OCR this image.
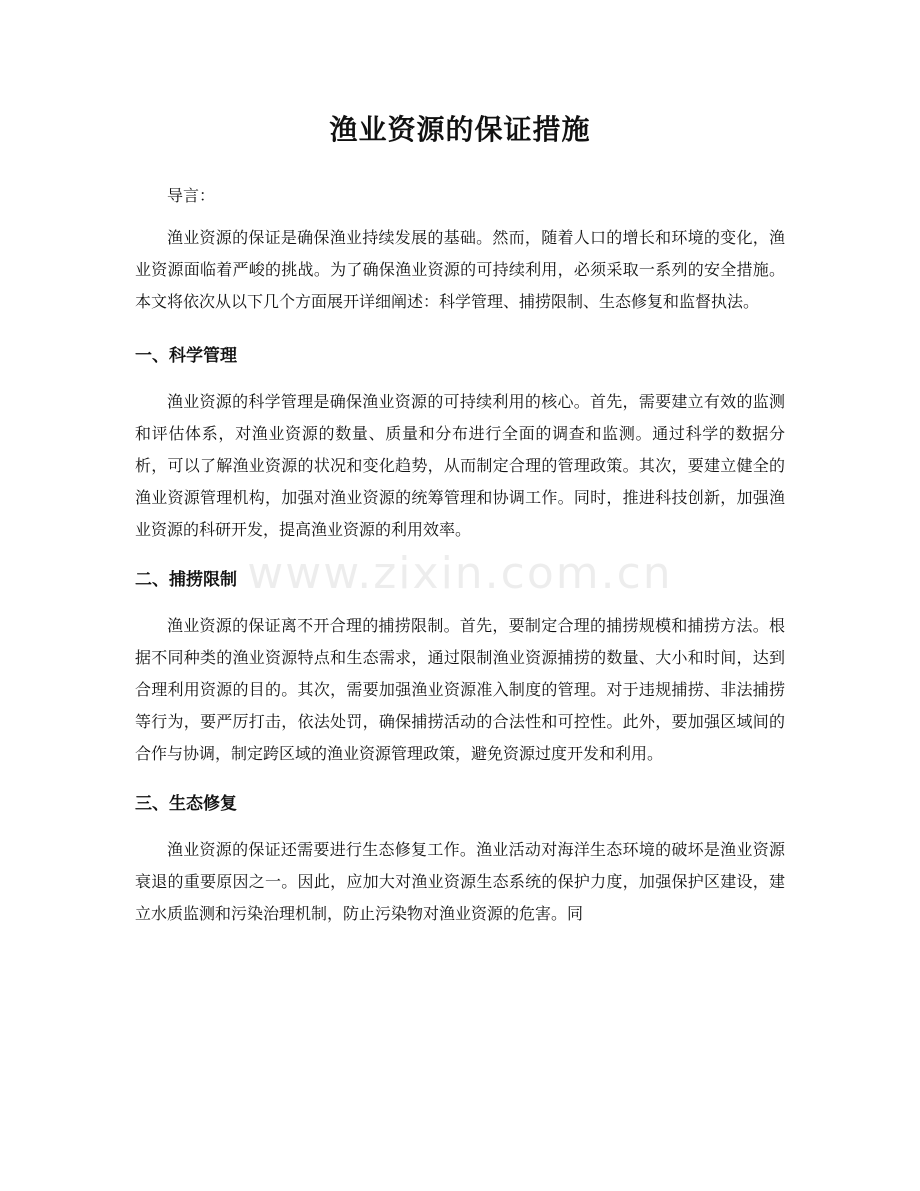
渔业资源的保证措施

导言：

渔业资源的保证是确保渔业持续发展的基础。然而，随着人口的增长和环境的变化，渔业资源面临着严峻的挑战。为了确保渔业资源的可持续利用，必须采取一系列的安全措施。本文将依次从以下几个方面展开详细阐述：科学管理、捕捞限制、生态修复和监督执法。

一、科学管理

渔业资源的科学管理是确保渔业资源的可持续利用的核心。首先，需要建立有效的监测和评估体系，对渔业资源的数量、质量和分布进行全面的调查和监测。通过科学的数据分析，可以了解渔业资源的状况和变化趋势，从而制定合理的管理政策。其次，要建立健全的渔业资源管理机构，加强对渔业资源的统筹管理和协调工作。同时，推进科技创新，加强渔业资源的科研开发，提高渔业资源的利用效率。

二、捕捞限制

渔业资源的保证离不开合理的捕捞限制。首先，要制定合理的捕捞规模和捕捞方法。根据不同种类的渔业资源特点和生态需求，通过限制渔业资源捕捞的数量、大小和时间，达到合理利用资源的目的。其次，需要加强渔业资源准入制度的管理。对于违规捕捞、非法捕捞等行为，要严厉打击，依法处罚，确保捕捞活动的合法性和可控性。此外，要加强区域间的合作与协调，制定跨区域的渔业资源管理政策，避免资源过度开发和利用。

三、生态修复

渔业资源的保证还需要进行生态修复工作。渔业活动对海洋生态环境的破坏是渔业资源衰退的重要原因之一。因此，应加大对渔业资源生态系统的保护力度，加强保护区建设，建立水质监测和污染治理机制，防止污染物对渔业资源的危害。同

www.zixin.com.cn
